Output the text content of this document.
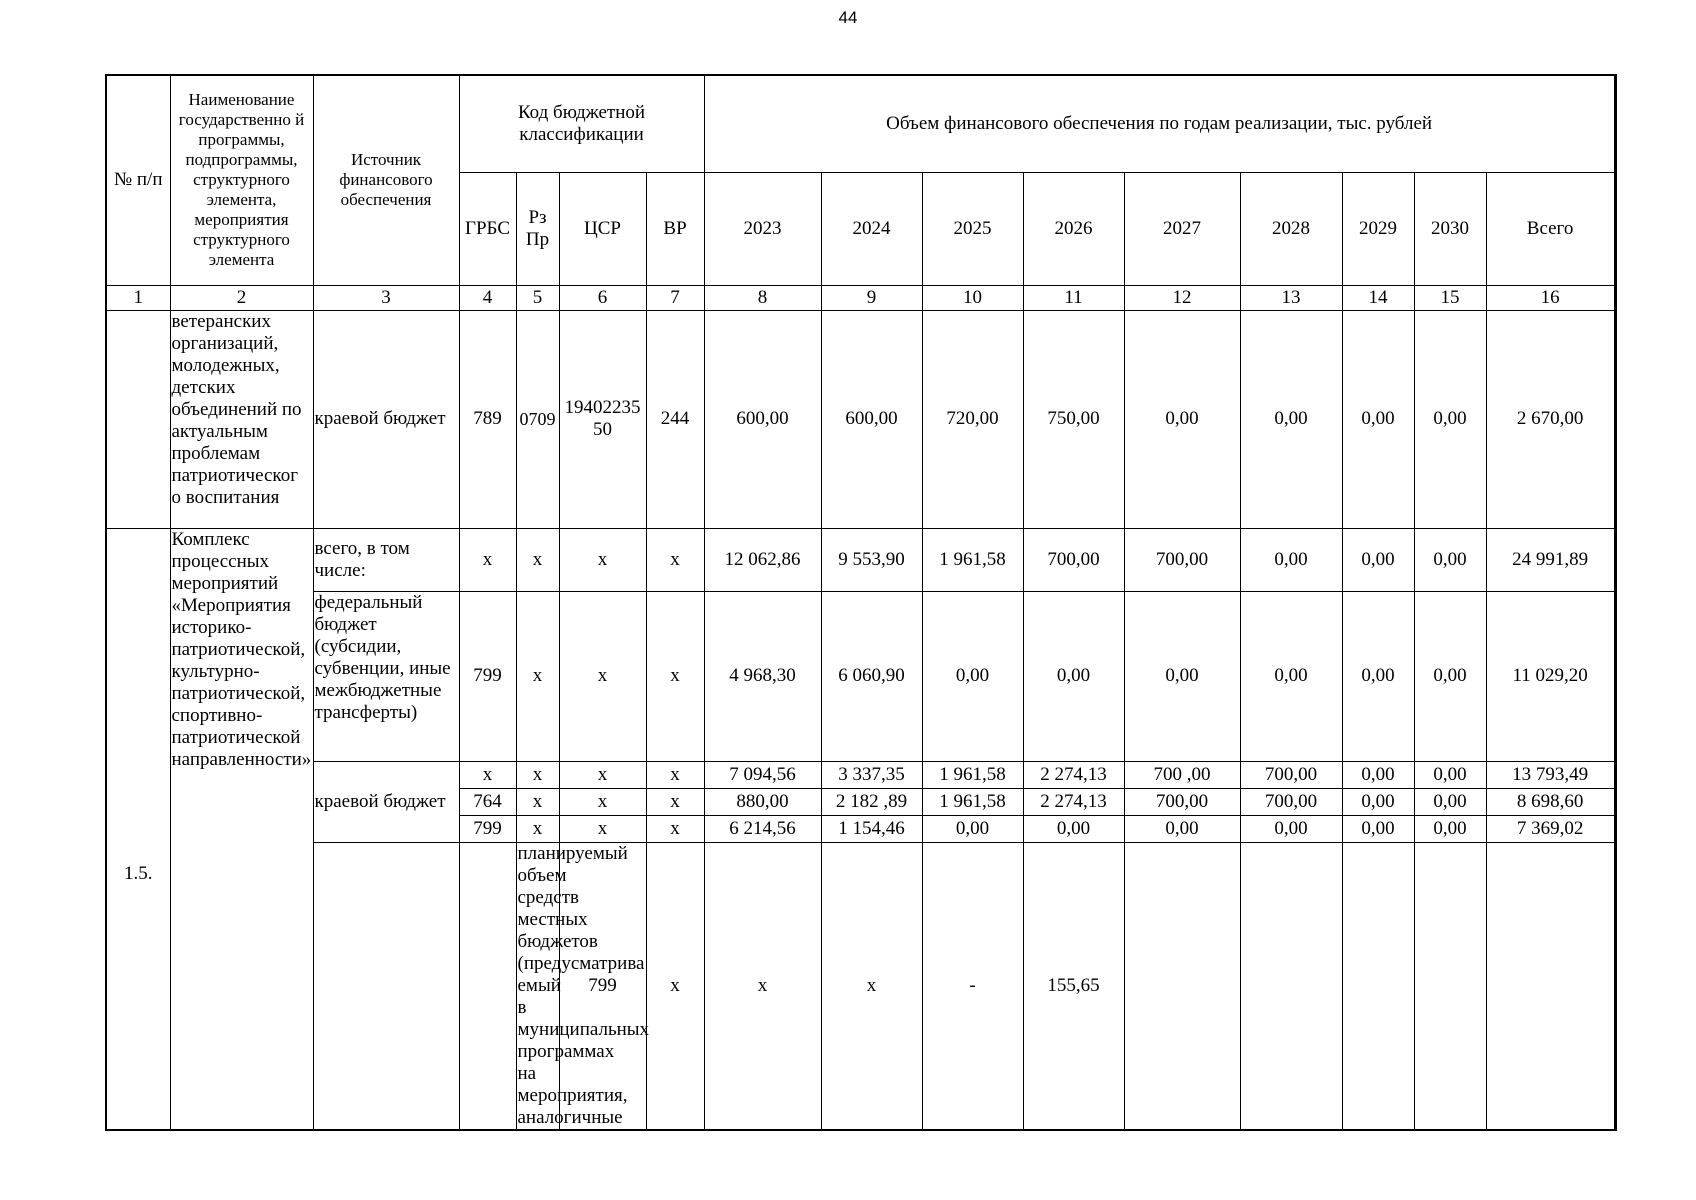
44
№ п/п	Наименование государственно й программы, подпрограммы, структурного элемента, мероприятия структурного элемента	Источник финансового обеспечения	Код бюджетной классификации				Объем финансового обеспечения по годам реализации, тыс. рублей									
			ГРБС	Рз Пр	ЦСР	ВР	2023	2024	2025	2026	2027	2028	2029	2030	Всего	
1	2	3	4	5	6	7	8	9	10	11	12	13	14	15	16	
	ветеранских организаций, молодежных, детских объединений по актуальным проблемам патриотическог о воспитания	краевой бюджет	789	0709	19402235 50	244	600,00	600,00	720,00	750,00	0,00	0,00	0,00	0,00	2 670,00	
1.5.	Комплекс процессных мероприятий «Мероприятия историко-патриотической, культурно-патриотической, спортивно-патриотической направленности»	всего, в том числе:	х	х	х	х	12 062,86	9 553,90	1 961,58	700,00	700,00	0,00	0,00	0,00	24 991,89	
		федеральный бюджет (субсидии, субвенции, иные межбюджетные трансферты)	799	х	х	х	4 968,30	6 060,90	0,00	0,00	0,00	0,00	0,00	0,00	11 029,20	
		краевой бюджет	х	х	х	х	7 094,56	3 337,35	1 961,58	2 274,13	700 ,00	700,00	0,00	0,00	13 793,49	
			764	х	х	х	880,00	2 182 ,89	1 961,58	2 274,13	700,00	700,00	0,00	0,00	8 698,60	
			799	х	х	х	6 214,56	1 154,46	0,00	0,00	0,00	0,00	0,00	0,00	7 369,02	
				планируемый объем средств местных бюджетов (предусматрива емый в муниципальных программах на мероприятия, аналогичные	799	х	х	х	-	155,65							
